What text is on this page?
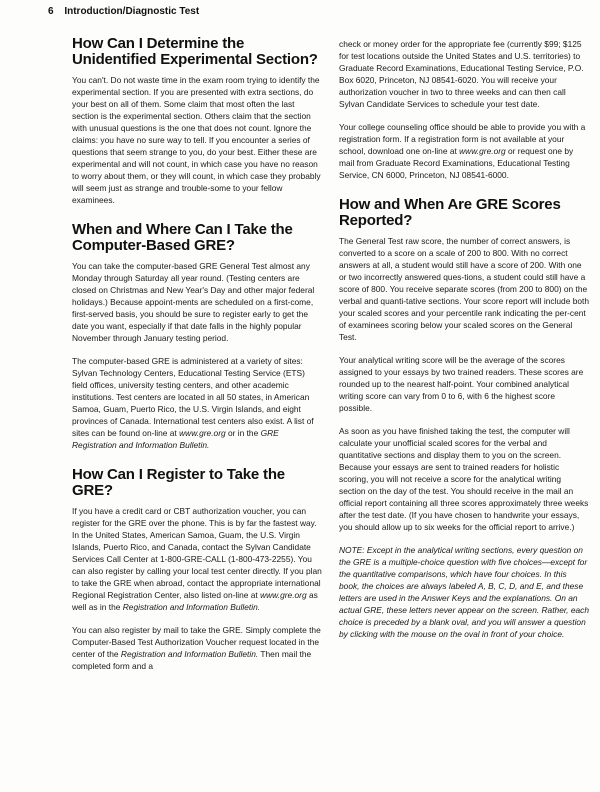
6 Introduction/Diagnostic Test
How Can I Determine the Unidentified Experimental Section?

You can't. Do not waste time in the exam room trying to identify the experimental section. If you are presented with extra sections, do your best on all of them. Some claim that most often the last section is the experimental section. Others claim that the section with unusual questions is the one that does not count. Ignore the claims: you have no sure way to tell. If you encounter a series of questions that seem strange to you, do your best. Either these are experimental and will not count, in which case you have no reason to worry about them, or they will count, in which case they probably will seem just as strange and trouble-some to your fellow examinees.

When and Where Can I Take the Computer-Based GRE?

You can take the computer-based GRE General Test almost any Monday through Saturday all year round. (Testing centers are closed on Christmas and New Year's Day and other major federal holidays.) Because appoint-ments are scheduled on a first-come, first-served basis, you should be sure to register early to get the date you want, especially if that date falls in the highly popular November through January testing period.

The computer-based GRE is administered at a variety of sites: Sylvan Technology Centers, Educational Testing Service (ETS) field offices, university testing centers, and other academic institutions. Test centers are located in all 50 states, in American Samoa, Guam, Puerto Rico, the U.S. Virgin Islands, and eight provinces of Canada. International test centers also exist. A list of sites can be found on-line at www.gre.org or in the GRE Registration and Information Bulletin.

How Can I Register to Take the GRE?

If you have a credit card or CBT authorization voucher, you can register for the GRE over the phone. This is by far the fastest way. In the United States, American Samoa, Guam, the U.S. Virgin Islands, Puerto Rico, and Canada, contact the Sylvan Candidate Services Call Center at 1-800-GRE-CALL (1-800-473-2255). You can also register by calling your local test center directly. If you plan to take the GRE when abroad, contact the appropriate international Regional Registration Center, also listed on-line at www.gre.org as well as in the Registration and Information Bulletin.

You can also register by mail to take the GRE. Simply complete the Computer-Based Test Authorization Voucher request located in the center of the Registration and Information Bulletin. Then mail the completed form and a

check or money order for the appropriate fee (currently $99; $125 for test locations outside the United States and U.S. territories) to Graduate Record Examinations, Educational Testing Service, P.O. Box 6020, Princeton, NJ 08541-6020. You will receive your authorization voucher in two to three weeks and can then call Sylvan Candidate Services to schedule your test date.

Your college counseling office should be able to provide you with a registration form. If a registration form is not available at your school, download one on-line at www.gre.org or request one by mail from Graduate Record Examinations, Educational Testing Service, CN 6000, Princeton, NJ 08541-6000.

How and When Are GRE Scores Reported?

The General Test raw score, the number of correct answers, is converted to a score on a scale of 200 to 800. With no correct answers at all, a student would still have a score of 200. With one or two incorrectly answered ques-tions, a student could still have a score of 800. You receive separate scores (from 200 to 800) on the verbal and quanti-tative sections. Your score report will include both your scaled scores and your percentile rank indicating the per-cent of examinees scoring below your scaled scores on the General Test.

Your analytical writing score will be the average of the scores assigned to your essays by two trained readers. These scores are rounded up to the nearest half-point. Your combined analytical writing score can vary from 0 to 6, with 6 the highest score possible.

As soon as you have finished taking the test, the computer will calculate your unofficial scaled scores for the verbal and quantitative sections and display them to you on the screen. Because your essays are sent to trained readers for holistic scoring, you will not receive a score for the analytical writing section on the day of the test. You should receive in the mail an official report containing all three scores approximately three weeks after the test date. (If you have chosen to handwrite your essays, you should allow up to six weeks for the official report to arrive.)

NOTE: Except in the analytical writing sections, every question on the GRE is a multiple-choice question with five choices—except for the quantitative comparisons, which have four choices. In this book, the choices are always labeled A, B, C, D, and E, and these letters are used in the Answer Keys and the explanations. On an actual GRE, these letters never appear on the screen. Rather, each choice is preceded by a blank oval, and you will answer a question by clicking with the mouse on the oval in front of your choice.
